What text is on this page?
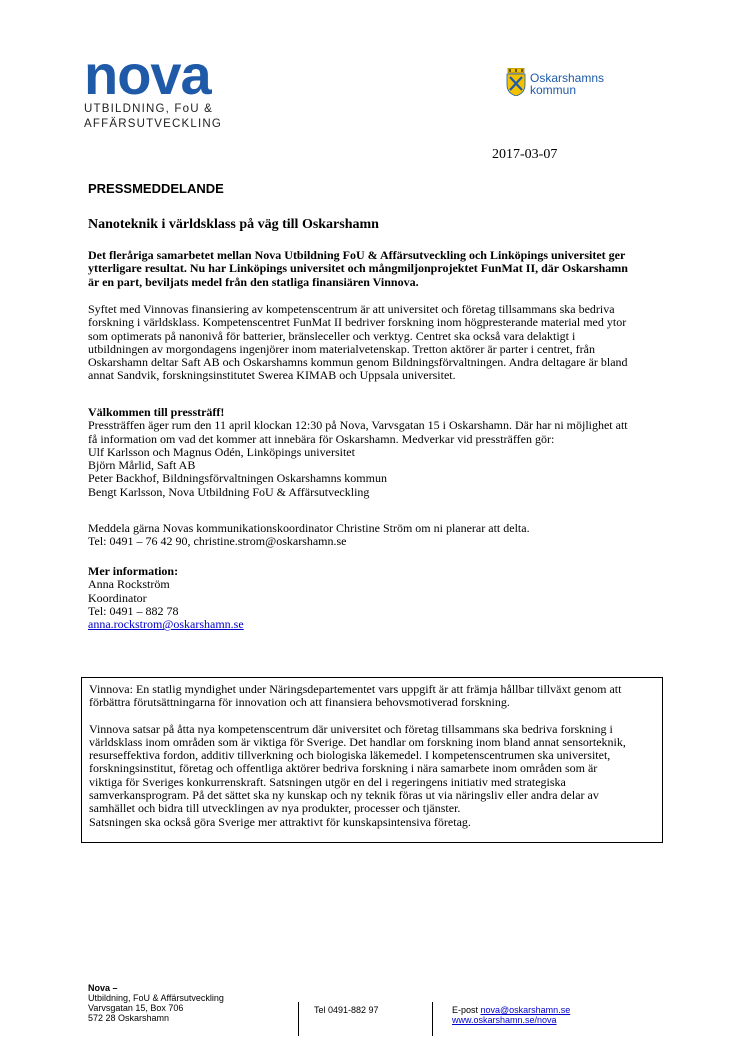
nova
UTBILDNING, FoU &
AFFÄRSUTVECKLING
Oskarshamns
kommun
2017-03-07
PRESSMEDDELANDE
Nanoteknik i världsklass på väg till Oskarshamn

Det fleråriga samarbetet mellan Nova Utbildning FoU & Affärsutveckling och Linköpings universitet ger

ytterligare resultat. Nu har Linköpings universitet och mångmiljonprojektet FunMat II, där Oskarshamn

är en part, beviljats medel från den statliga finansiären Vinnova.

Syftet med Vinnovas finansiering av kompetenscentrum är att universitet och företag tillsammans ska bedriva

forskning i världsklass. Kompetenscentret FunMat II bedriver forskning inom högpresterande material med ytor

som optimerats på nanonivå för batterier, bränsleceller och verktyg. Centret ska också vara delaktigt i

utbildningen av morgondagens ingenjörer inom materialvetenskap. Tretton aktörer är parter i centret, från

Oskarshamn deltar Saft AB och Oskarshamns kommun genom Bildningsförvaltningen. Andra deltagare är bland

annat Sandvik, forskningsinstitutet Swerea KIMAB och Uppsala universitet.

Välkommen till pressträff!

Pressträffen äger rum den 11 april klockan 12:30 på Nova, Varvsgatan 15 i Oskarshamn. Där har ni möjlighet att

få information om vad det kommer att innebära för Oskarshamn. Medverkar vid pressträffen gör:

Ulf Karlsson och Magnus Odén, Linköpings universitet

Björn Mårlid, Saft AB

Peter Backhof, Bildningsförvaltningen Oskarshamns kommun

Bengt Karlsson, Nova Utbildning FoU & Affärsutveckling

Meddela gärna Novas kommunikationskoordinator Christine Ström om ni planerar att delta.

Tel: 0491 – 76 42 90, christine.strom@oskarshamn.se

Mer information:

Anna Rockström

Koordinator

Tel: 0491 – 882 78

anna.rockstrom@oskarshamn.se

Vinnova: En statlig myndighet under Näringsdepartementet vars uppgift är att främja hållbar tillväxt genom att

förbättra förutsättningarna för innovation och att finansiera behovsmotiverad forskning.

Vinnova satsar på åtta nya kompetenscentrum där universitet och företag tillsammans ska bedriva forskning i

världsklass inom områden som är viktiga för Sverige. Det handlar om forskning inom bland annat sensorteknik,

resurseffektiva fordon, additiv tillverkning och biologiska läkemedel. I kompetenscentrumen ska universitet,

forskningsinstitut, företag och offentliga aktörer bedriva forskning i nära samarbete inom områden som är

viktiga för Sveriges konkurrenskraft. Satsningen utgör en del i regeringens initiativ med strategiska

samverkansprogram. På det sättet ska ny kunskap och ny teknik föras ut via näringsliv eller andra delar av

samhället och bidra till utvecklingen av nya produkter, processer och tjänster.

Satsningen ska också göra Sverige mer attraktivt för kunskapsintensiva företag.

Nova –
Utbildning, FoU & Affärsutveckling
Varvsgatan 15, Box 706
572 28 Oskarshamn
Tel 0491-882 97	E-post nova@oskarshamn.se
www.oskarshamn.se/nova
